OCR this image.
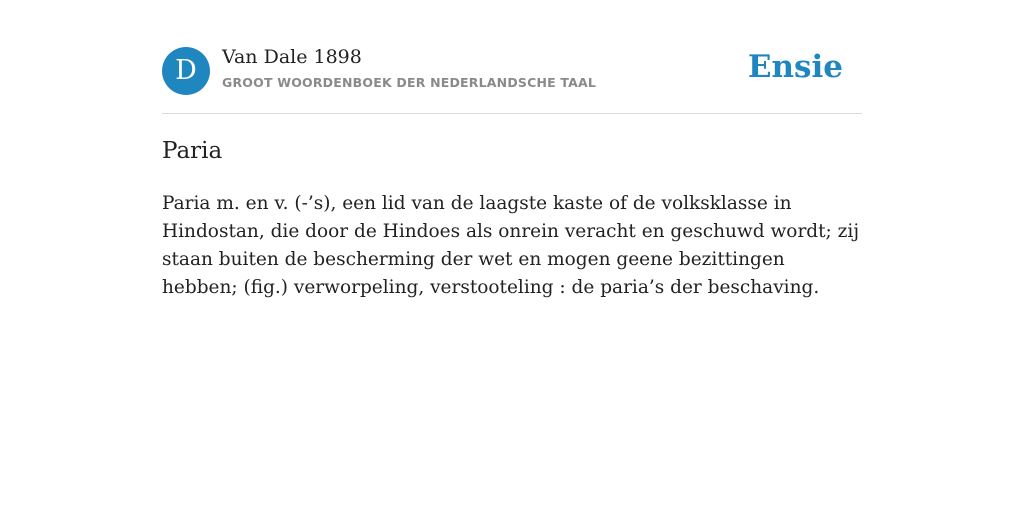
D	Van Dale 1898
GROOT WOORDENBOEK DER NEDERLANDSCHE TAAL	Ensie
Paria

Paria m. en v. (-’s), een lid van de laagste kaste of de volksklasse in Hindostan, die door de Hindoes als onrein veracht en geschuwd wordt; zij staan buiten de bescherming der wet en mogen geene bezittingen hebben; (fig.) verworpeling, verstooteling : de paria’s der beschaving.
